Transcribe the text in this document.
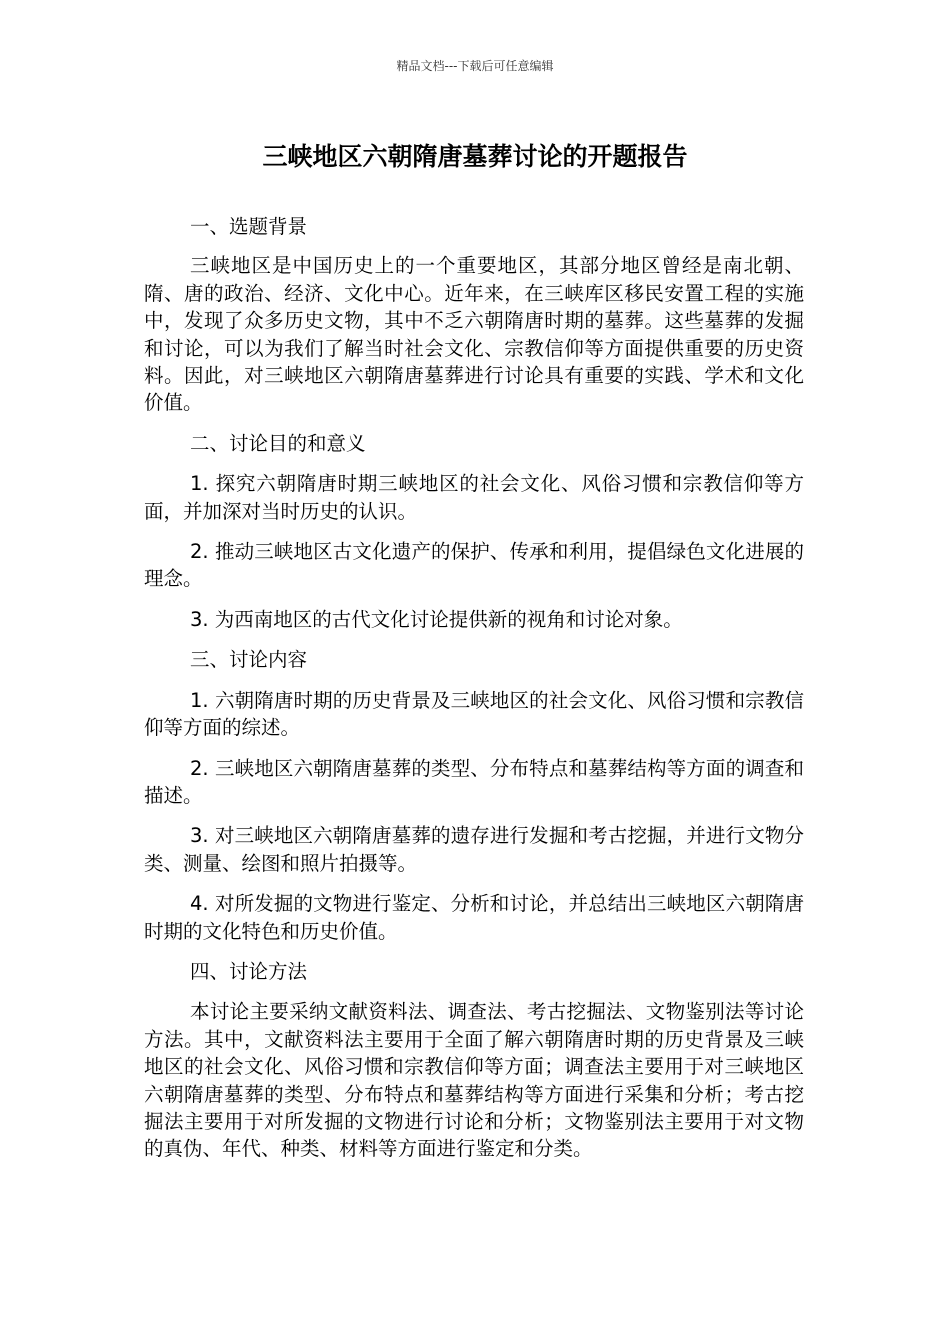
精品文档---下载后可任意编辑
三峡地区六朝隋唐墓葬讨论的开题报告

一、选题背景

三峡地区是中国历史上的一个重要地区，其部分地区曾经是南北朝、隋、唐的政治、经济、文化中心。近年来，在三峡库区移民安置工程的实施中，发现了众多历史文物，其中不乏六朝隋唐时期的墓葬。这些墓葬的发掘和讨论，可以为我们了解当时社会文化、宗教信仰等方面提供重要的历史资料。因此，对三峡地区六朝隋唐墓葬进行讨论具有重要的实践、学术和文化价值。

二、讨论目的和意义

1. 探究六朝隋唐时期三峡地区的社会文化、风俗习惯和宗教信仰等方面，并加深对当时历史的认识。

2. 推动三峡地区古文化遗产的保护、传承和利用，提倡绿色文化进展的理念。

3. 为西南地区的古代文化讨论提供新的视角和讨论对象。

三、讨论内容

1. 六朝隋唐时期的历史背景及三峡地区的社会文化、风俗习惯和宗教信仰等方面的综述。

2. 三峡地区六朝隋唐墓葬的类型、分布特点和墓葬结构等方面的调查和描述。

3. 对三峡地区六朝隋唐墓葬的遗存进行发掘和考古挖掘，并进行文物分类、测量、绘图和照片拍摄等。

4. 对所发掘的文物进行鉴定、分析和讨论，并总结出三峡地区六朝隋唐时期的文化特色和历史价值。

四、讨论方法

本讨论主要采纳文献资料法、调查法、考古挖掘法、文物鉴别法等讨论方法。其中，文献资料法主要用于全面了解六朝隋唐时期的历史背景及三峡地区的社会文化、风俗习惯和宗教信仰等方面；调查法主要用于对三峡地区六朝隋唐墓葬的类型、分布特点和墓葬结构等方面进行采集和分析；考古挖掘法主要用于对所发掘的文物进行讨论和分析；文物鉴别法主要用于对文物的真伪、年代、种类、材料等方面进行鉴定和分类。
